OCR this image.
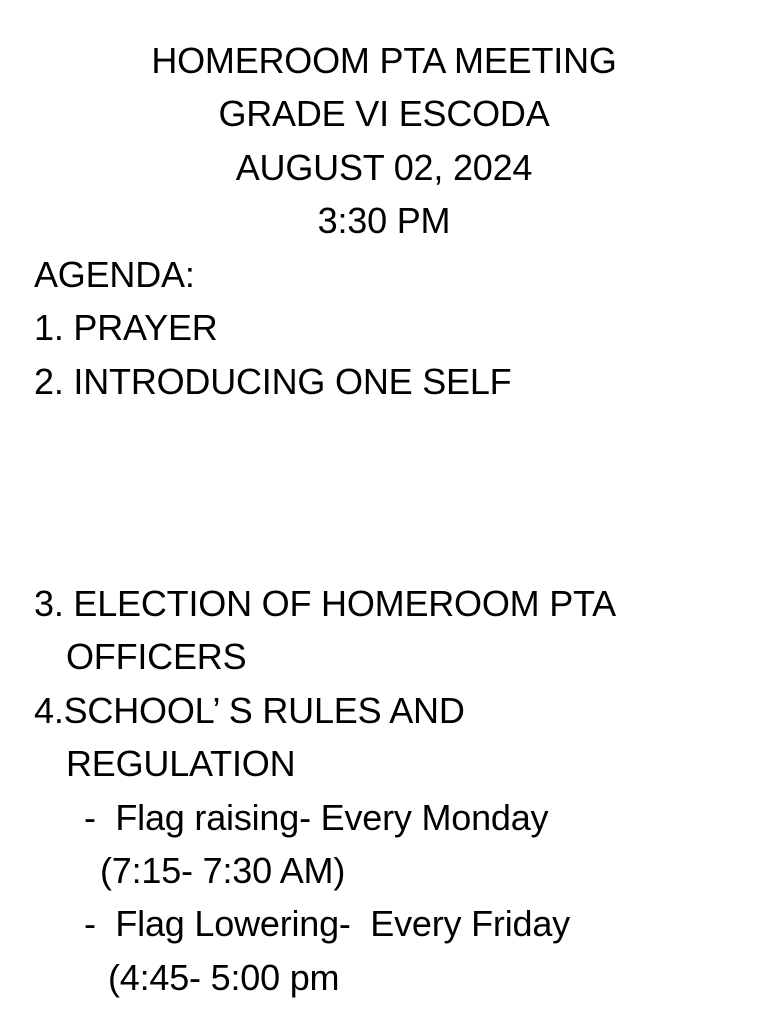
HOMEROOM PTA MEETING
GRADE VI ESCODA
AUGUST 02, 2024
3:30 PM
AGENDA:
1. PRAYER
2. INTRODUCING ONE SELF
3. ELECTION OF HOMEROOM PTA
OFFICERS
4.SCHOOL’ S RULES AND
REGULATION
-  Flag raising- Every Monday
(7:15- 7:30 AM)
-  Flag Lowering-  Every Friday
(4:45- 5:00 pm
